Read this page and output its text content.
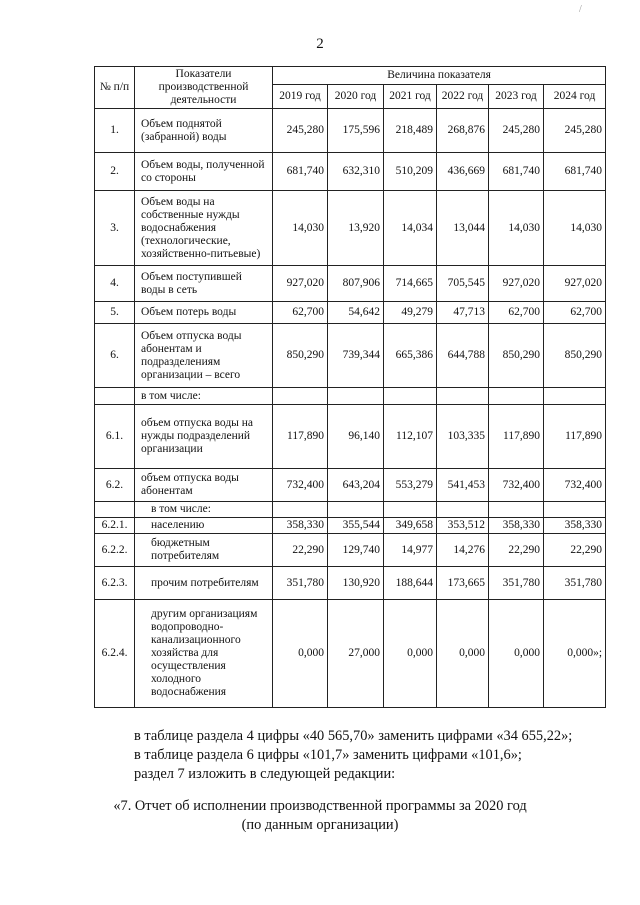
/
2
№ п/п	Показатели производственной деятельности	Величина показателя					
		2019 год	2020 год	2021 год	2022 год	2023 год	2024 год
1.	Объем поднятой (забранной) воды	245,280	175,596	218,489	268,876	245,280	245,280
2.	Объем воды, полученной со стороны	681,740	632,310	510,209	436,669	681,740	681,740
3.	Объем воды на собственные нужды водоснабжения (технологические, хозяйственно-питьевые)	14,030	13,920	14,034	13,044	14,030	14,030
4.	Объем поступившей воды в сеть	927,020	807,906	714,665	705,545	927,020	927,020
5.	Объем потерь воды	62,700	54,642	49,279	47,713	62,700	62,700
6.	Объем отпуска воды абонентам и подразделениям организации – всего	850,290	739,344	665,386	644,788	850,290	850,290
	в том числе:						
6.1.	объем отпуска воды на нужды подразделений организации	117,890	96,140	112,107	103,335	117,890	117,890
6.2.	объем отпуска воды абонентам	732,400	643,204	553,279	541,453	732,400	732,400
	в том числе:						
6.2.1.	населению	358,330	355,544	349,658	353,512	358,330	358,330
6.2.2.	бюджетным потребителям	22,290	129,740	14,977	14,276	22,290	22,290
6.2.3.	прочим потребителям	351,780	130,920	188,644	173,665	351,780	351,780
6.2.4.	другим организациям водопроводно-канализационного хозяйства для осуществления холодного водоснабжения	0,000	27,000	0,000	0,000	0,000	0,000»;

в таблице раздела 4 цифры «40 565,70» заменить цифрами «34 655,22»;

в таблице раздела 6 цифры «101,7» заменить цифрами «101,6»;

раздел 7 изложить в следующей редакции:

«7. Отчет об исполнении производственной программы за 2020 год

(по данным организации)
